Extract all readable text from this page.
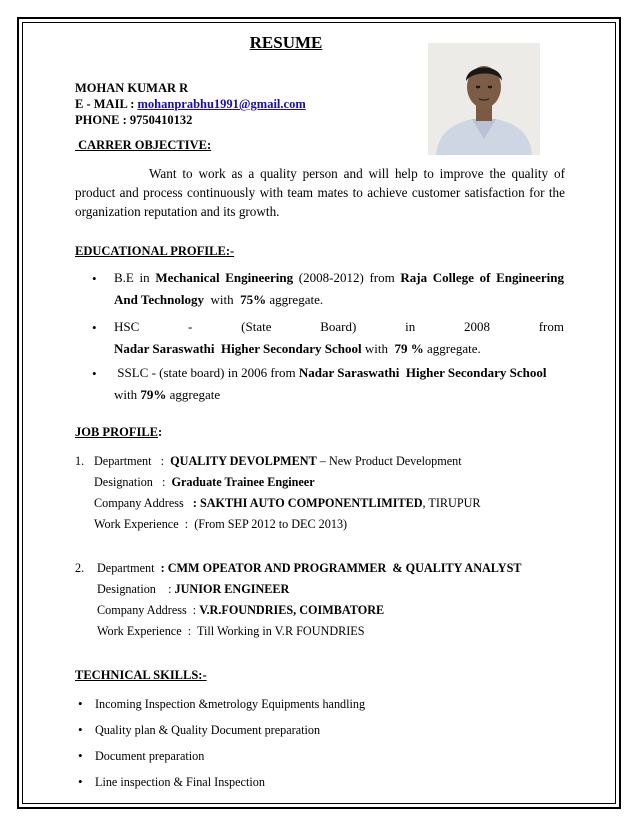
RESUME
MOHAN KUMAR R
E - MAIL : mohanprabhu1991@gmail.com
PHONE : 9750410132
CARRER OBJECTIVE:
Want to work as a quality person and will help to improve the quality of product and process continuously with team mates to achieve customer satisfaction for the organization reputation and its growth.
EDUCATIONAL PROFILE:-
• B.E in Mechanical Engineering (2008-2012) from Raja College of Engineering And Technology  with  75% aggregate.
• HSC - (State Board) in 2008 from Nadar Saraswathi  Higher Secondary School with  79 % aggregate.
• SSLC - (state board) in 2006 from Nadar Saraswathi  Higher Secondary School
with 79% aggregate
JOB PROFILE:
1. Department   :  QUALITY DEVOLPMENT – New Product Development
Designation   :  Graduate Trainee Engineer
Company Address   : SAKTHI AUTO COMPONENTLIMITED, TIRUPUR
Work Experience  :  (From SEP 2012 to DEC 2013)
2. Department  : CMM OPEATOR AND PROGRAMMER  & QUALITY ANALYST
Designation    : JUNIOR ENGINEER
Company Address  : V.R.FOUNDRIES, COIMBATORE
Work Experience  :  Till Working in V.R FOUNDRIES
TECHNICAL SKILLS:-
• Incoming Inspection &metrology Equipments handling
• Quality plan & Quality Document preparation
• Document preparation
• Line inspection & Final Inspection
